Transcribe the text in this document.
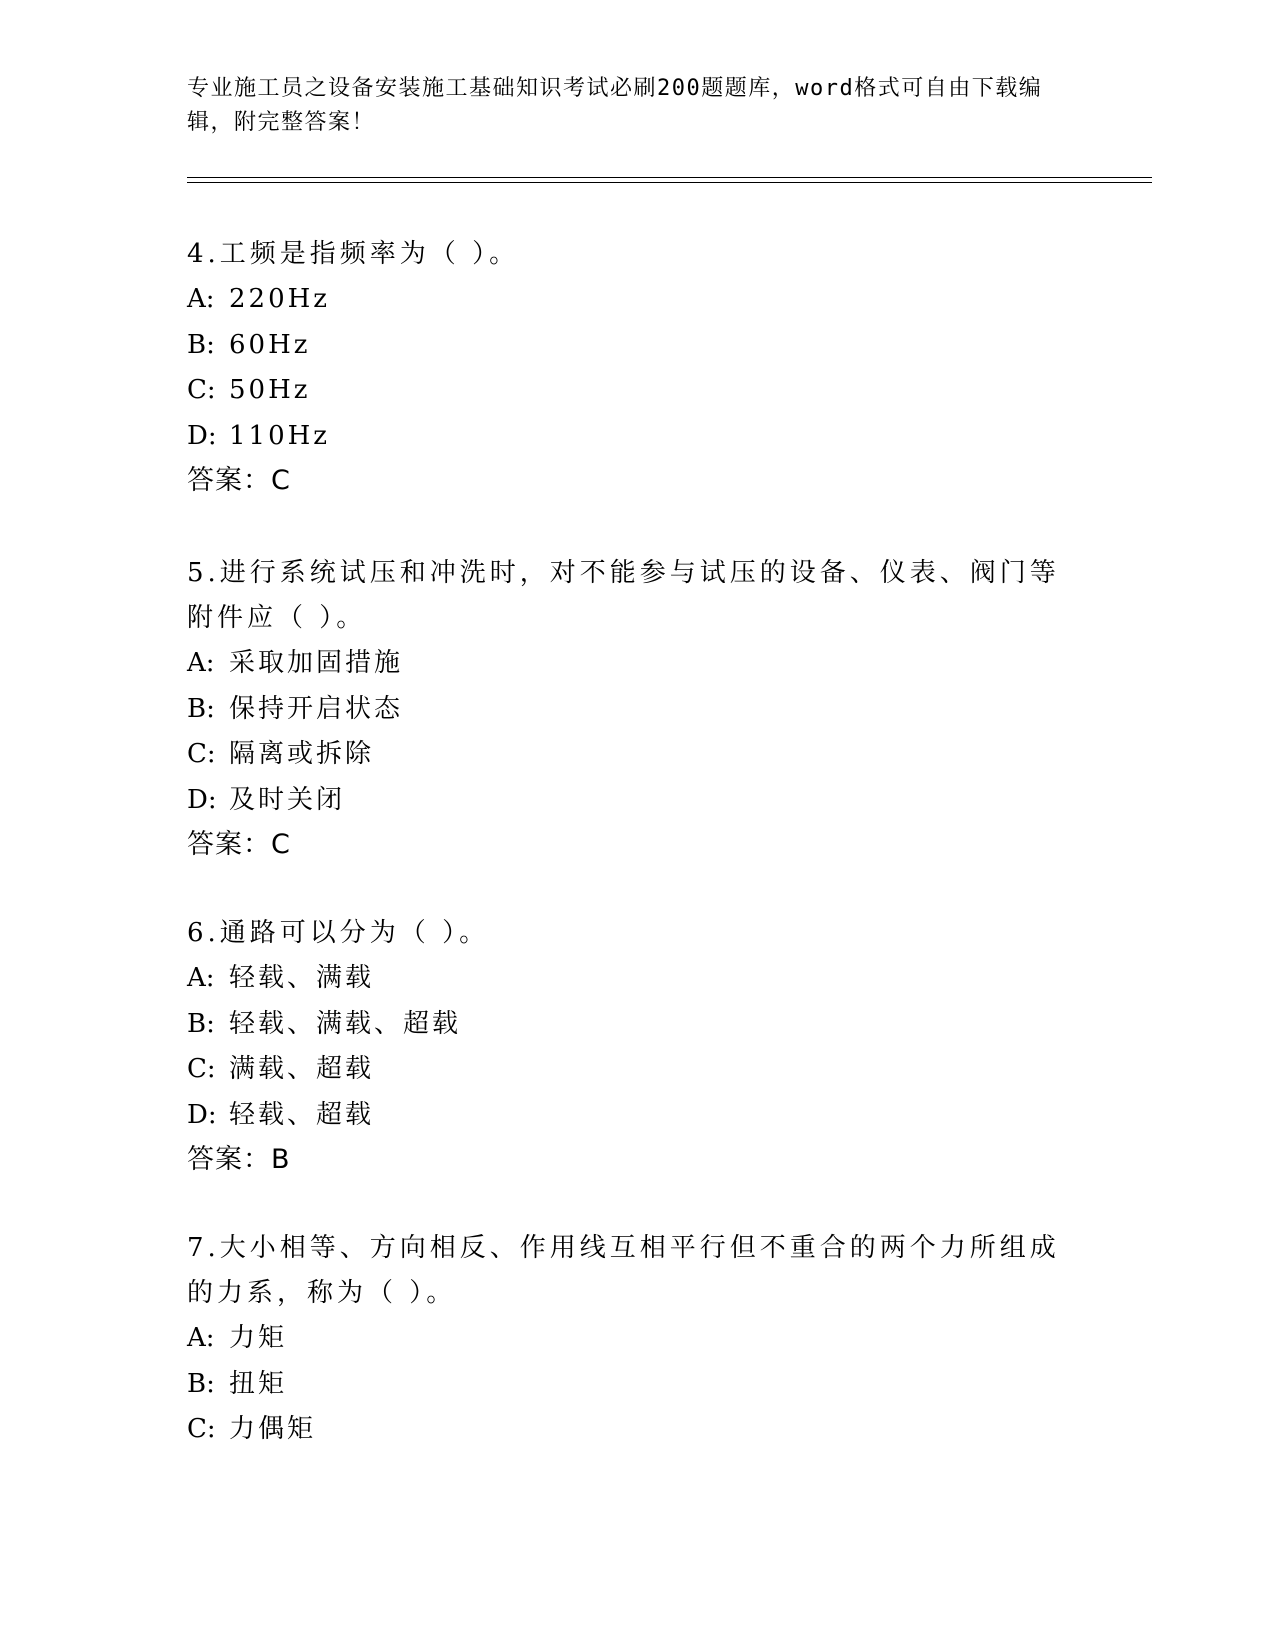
专业施工员之设备安装施工基础知识考试必刷200题题库，word格式可自由下载编辑，附完整答案！

4.工频是指频率为（ ）。

A: 220Hz

B: 60Hz

C: 50Hz

D: 110Hz

答案：C

5.进行系统试压和冲洗时，对不能参与试压的设备、仪表、阀门等附件应（ ）。

A: 采取加固措施

B: 保持开启状态

C: 隔离或拆除

D: 及时关闭

答案：C

6.通路可以分为（ ）。

A: 轻载、满载

B: 轻载、满载、超载

C: 满载、超载

D: 轻载、超载

答案：B

7.大小相等、方向相反、作用线互相平行但不重合的两个力所组成的力系，称为（ ）。

A: 力矩

B: 扭矩

C: 力偶矩
